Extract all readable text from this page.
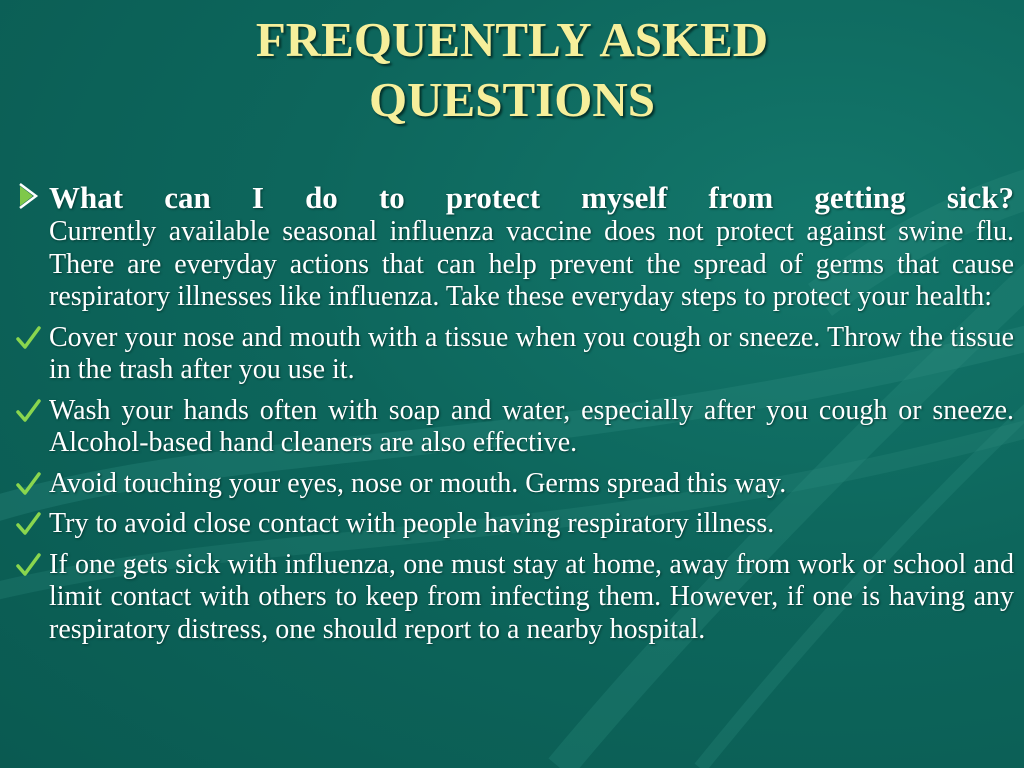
FREQUENTLY ASKED
QUESTIONS
What can I do to protect myself from getting sick?
Currently available seasonal influenza vaccine does not protect against swine flu. There are everyday actions that can help prevent the spread of germs that cause respiratory illnesses like influenza. Take these everyday steps to protect your health:
Cover your nose and mouth with a tissue when you cough or sneeze. Throw the tissue in the trash after you use it.
Wash your hands often with soap and water, especially after you cough or sneeze. Alcohol-based hand cleaners are also effective.
Avoid touching your eyes, nose or mouth. Germs spread this way.
Try to avoid close contact with people having respiratory illness.
If one gets sick with influenza, one must stay at home, away from work or school and limit contact with others to keep from infecting them. However, if one is having any respiratory distress, one should report to a nearby hospital.
